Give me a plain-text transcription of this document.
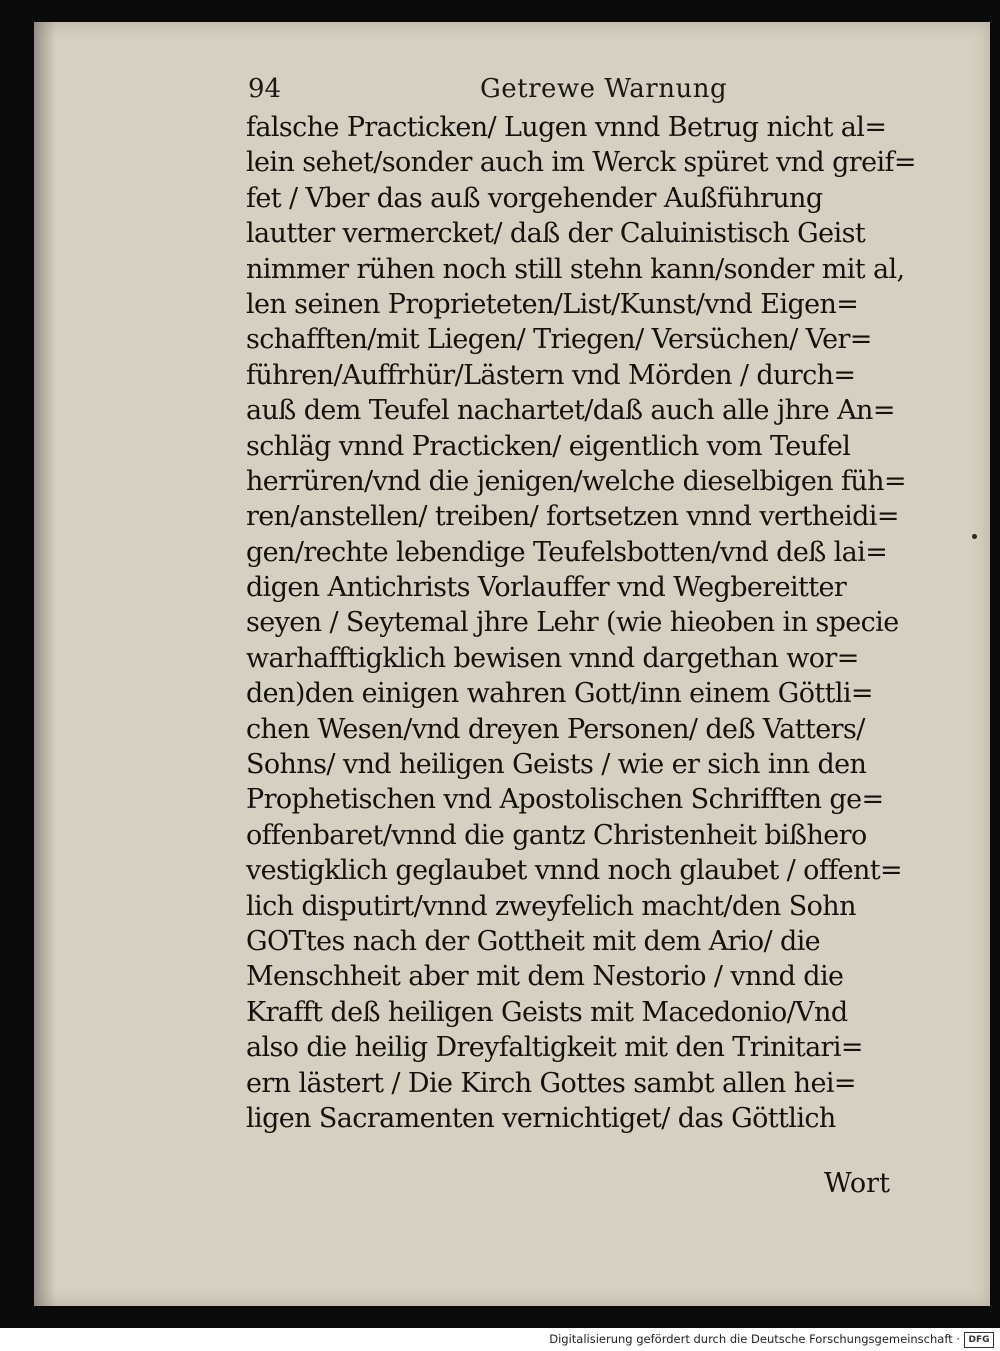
94	Getrewe Warnung
falsche Practicken/ Lugen vnnd Betrug nicht al=
lein sehet/sonder auch im Werck spüret vnd greif=
fet / Vber das auß vorgehender Außführung
lautter vermercket/ daß der Caluinistisch Geist
nimmer rühen noch still stehn kann/sonder mit al,
len seinen Proprieteten/List/Kunst/vnd Eigen=
schafften/mit Liegen/ Triegen/ Versüchen/ Ver=
führen/Auffrhür/Lästern vnd Mörden / durch=
auß dem Teufel nachartet/daß auch alle jhre An=
schläg vnnd Practicken/ eigentlich vom Teufel
herrüren/vnd die jenigen/welche dieselbigen füh=
ren/anstellen/ treiben/ fortsetzen vnnd vertheidi=
gen/rechte lebendige Teufelsbotten/vnd deß lai=
digen Antichrists Vorlauffer vnd Wegbereitter
seyen / Seytemal jhre Lehr (wie hieoben in specie
warhafftigklich bewisen vnnd dargethan wor=
den)den einigen wahren Gott/inn einem Göttli=
chen Wesen/vnd dreyen Personen/ deß Vatters/
Sohns/ vnd heiligen Geists / wie er sich inn den
Prophetischen vnd Apostolischen Schrifften ge=
offenbaret/vnnd die gantz Christenheit bißhero
vestigklich geglaubet vnnd noch glaubet / offent=
lich disputirt/vnnd zweyfelich macht/den Sohn
GOTtes nach der Gottheit mit dem Ario/ die
Menschheit aber mit dem Nestorio / vnnd die
Krafft deß heiligen Geists mit Macedonio/Vnd
also die heilig Dreyfaltigkeit mit den Trinitari=
ern lästert / Die Kirch Gottes sambt allen hei=
ligen Sacramenten vernichtiget/ das Göttlich
Wort
Digitalisierung gefördert durch die Deutsche Forschungsgemeinschaft · DFG
